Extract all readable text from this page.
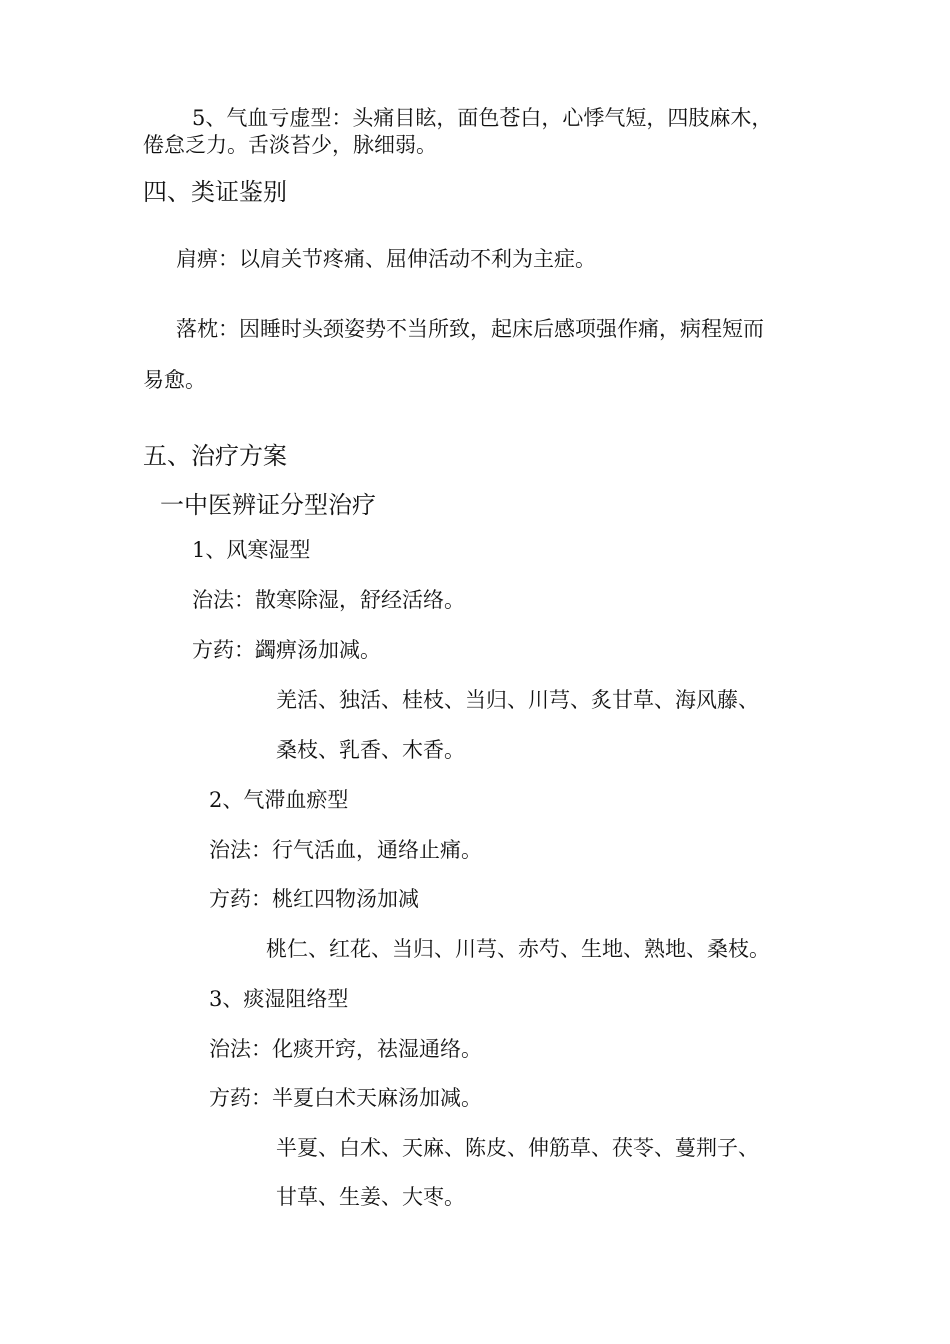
5、气血亏虚型：头痛目眩，面色苍白，心悸气短，四肢麻木，
倦怠乏力。舌淡苔少，脉细弱。
四、类证鉴别
肩痹：以肩关节疼痛、屈伸活动不利为主症。
落枕：因睡时头颈姿势不当所致，起床后感项强作痛，病程短而
易愈。
五、治疗方案
一中医辨证分型治疗
1、风寒湿型
治法：散寒除湿，舒经活络。
方药：蠲痹汤加减。
羌活、独活、桂枝、当归、川芎、炙甘草、海风藤、
桑枝、乳香、木香。
2、气滞血瘀型
治法：行气活血，通络止痛。
方药：桃红四物汤加减
桃仁、红花、当归、川芎、赤芍、生地、熟地、桑枝。
3、痰湿阻络型
治法：化痰开窍，祛湿通络。
方药：半夏白术天麻汤加减。
半夏、白术、天麻、陈皮、伸筋草、茯苓、蔓荆子、
甘草、生姜、大枣。
